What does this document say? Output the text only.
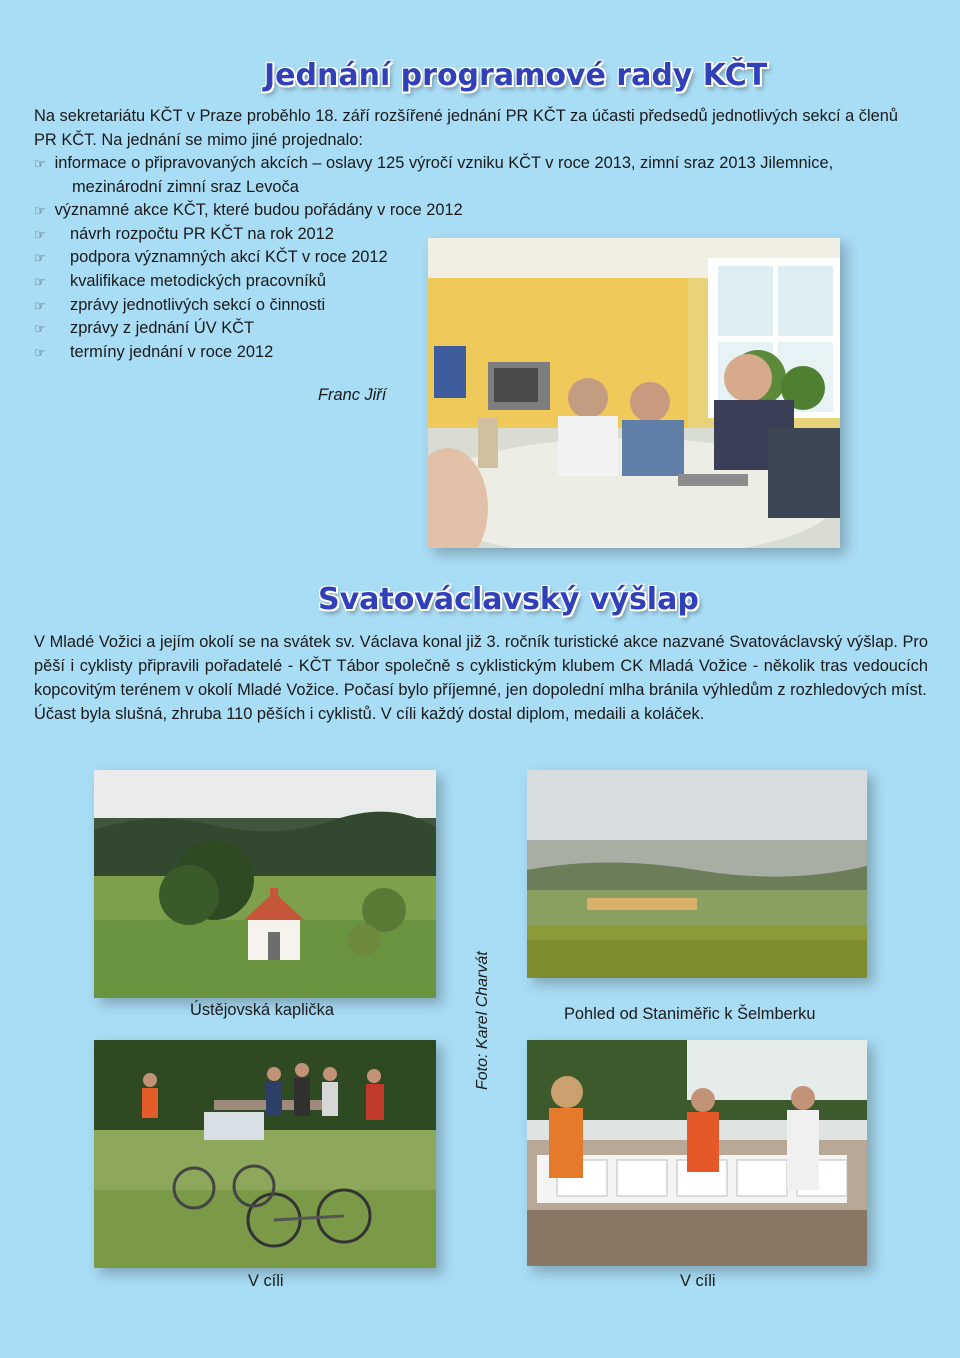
Jednání programové rady KČT
Na sekretariátu KČT v Praze proběhlo 18. září rozšířené jednání PR KČT za účasti předsedů jednotlivých sekcí a členů PR KČT. Na jednání se mimo jiné projednalo:
☞ informace o připravovaných akcích – oslavy 125 výročí vzniku KČT v roce 2013, zimní sraz 2013 Jilemnice,
mezinárodní zimní sraz Levoča
☞ významné akce KČT, které budou pořádány v roce 2012
☞ návrh rozpočtu PR KČT na rok 2012
☞ podpora významných akcí KČT v roce 2012
☞ kvalifikace metodických pracovníků
☞ zprávy jednotlivých sekcí o činnosti
☞ zprávy z jednání ÚV KČT
☞ termíny jednání v roce 2012
Franc Jiří
Svatováclavský výšlap

V Mladé Vožici a jejím okolí se na svátek sv. Václava konal již 3. ročník turistické akce nazvané Svatováclavský výšlap. Pro pěší i cyklisty připravili pořadatelé - KČT Tábor společně s cyklistickým klubem CK Mladá Vožice - několik tras vedoucích kopcovitým terénem v okolí Mladé Vožice. Počasí bylo příjemné, jen dopolední mlha bránila výhledům z rozhledových míst.

Účast byla slušná, zhruba 110 pěších i cyklistů. V cíli každý dostal diplom, medaili a koláček.

Ústějovská kaplička	Pohled od Staniměřic k Šelmberku
Foto: Karel Charvát
V cíli	V cíli
